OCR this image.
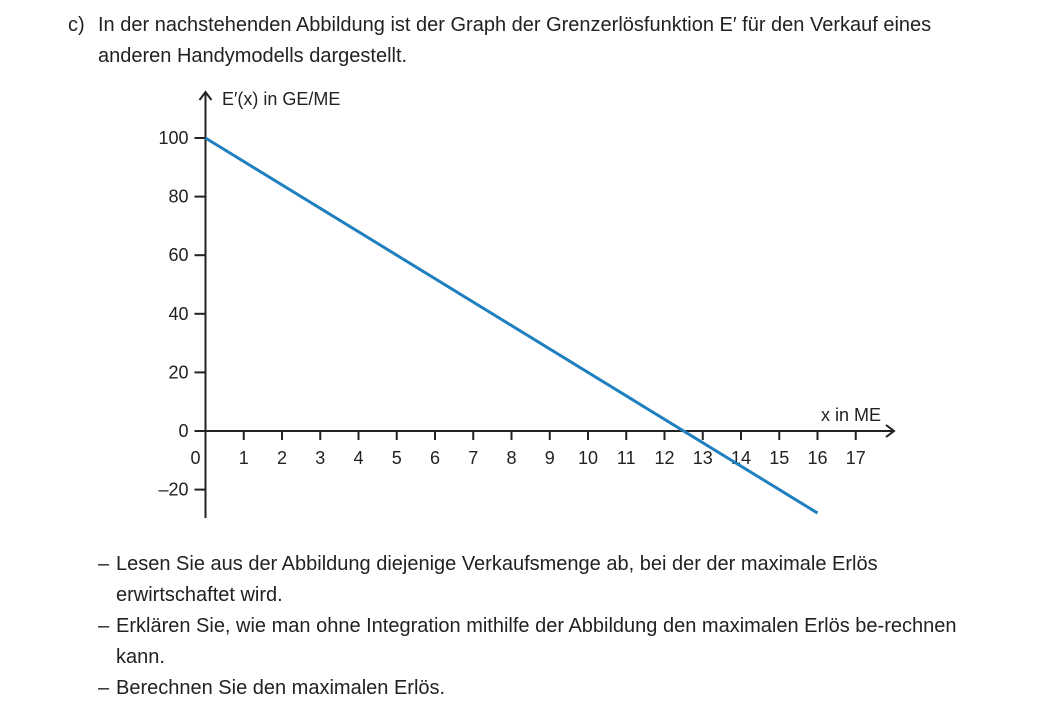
c) In der nachstehenden Abbildung ist der Graph der Grenzerlösfunktion E′ für den Verkauf eines anderen Handymodells dargestellt.
0 1 2 3 4 5 6 7 8 9 10 11 12 13 14 15 16 17
–20
0
20
40
60
80
100
E′(x) in GE/ME
x in ME
– Lesen Sie aus der Abbildung diejenige Verkaufsmenge ab, bei der der maximale Erlös erwirtschaftet wird.
– Erklären Sie, wie man ohne Integration mithilfe der Abbildung den maximalen Erlös be-rechnen kann.
– Berechnen Sie den maximalen Erlös.
